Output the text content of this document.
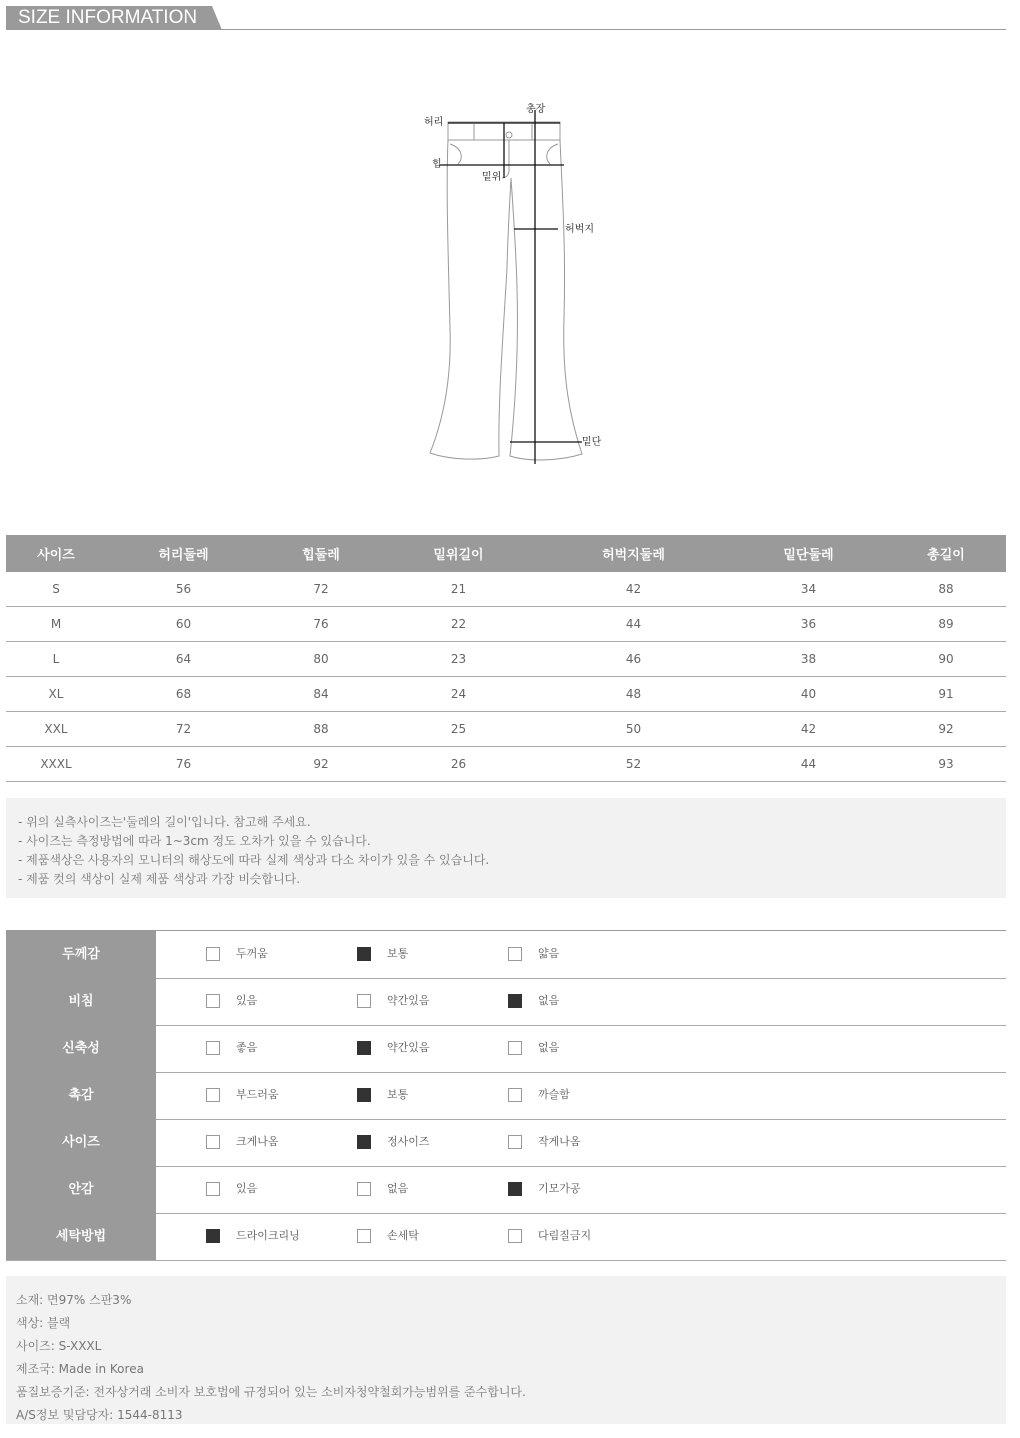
SIZE INFORMATION
총장
허리
힙
밑위
허벅지
밑단
사이즈	허리둘레	힙둘레	밑위길이	허벅지둘레	밑단둘레	총길이
S	56	72	21	42	34	88
M	60	76	22	44	36	89
L	64	80	23	46	38	90
XL	68	84	24	48	40	91
XXL	72	88	25	50	42	92
XXXL	76	92	26	52	44	93
- 위의 실측사이즈는'둘레의 길이'입니다. 참고해 주세요.
- 사이즈는 측정방법에 따라 1~3cm 정도 오차가 있을 수 있습니다.
- 제품색상은 사용자의 모니터의 해상도에 따라 실제 색상과 다소 차이가 있을 수 있습니다.
- 제품 컷의 색상이 실제 제품 색상과 가장 비슷합니다.
두께감	두꺼움	보통	얇음
비침	있음	약간있음	없음
신축성	좋음	약간있음	없음
촉감	부드러움	보통	까슬함
사이즈	크게나옴	정사이즈	작게나옴
안감	있음	없음	기모가공
세탁방법	드라이크리닝	손세탁	다림질금지
소재: 면97% 스판3%
색상: 블랙
사이즈: S-XXXL
제조국: Made in Korea
품질보증기준: 전자상거래 소비자 보호법에 규정되어 있는 소비자청약철회가능범위를 준수합니다.
A/S정보 및담당자: 1544-8113
